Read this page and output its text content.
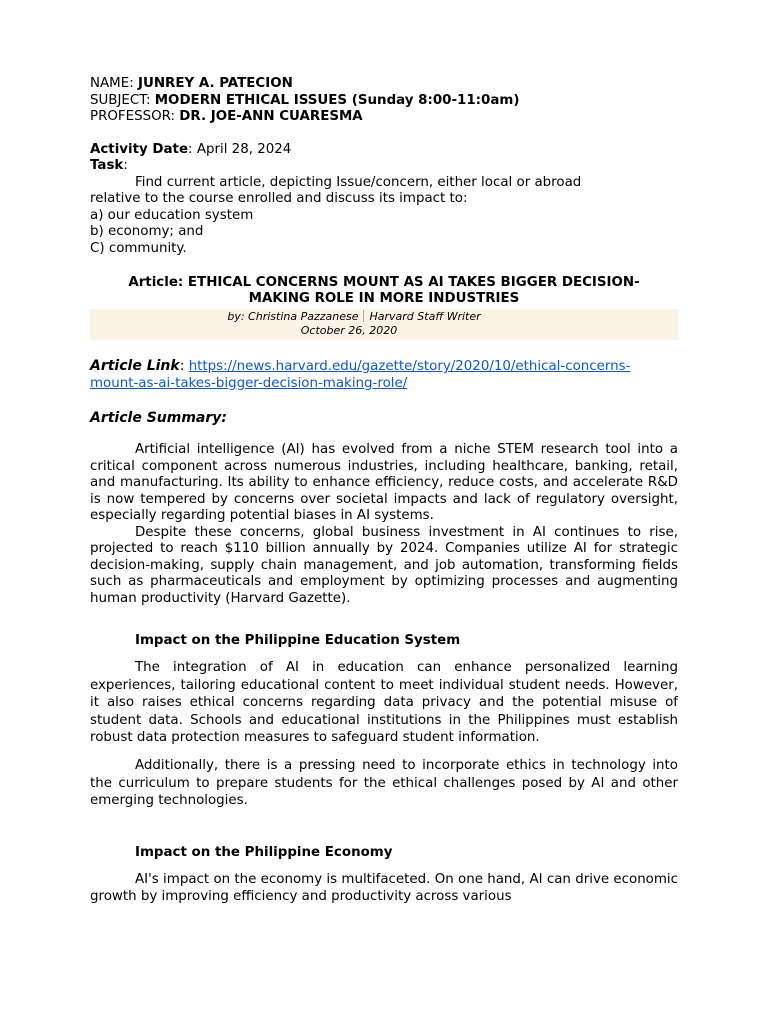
NAME: JUNREY A. PATECION
SUBJECT: MODERN ETHICAL ISSUES (Sunday 8:00-11:0am)
PROFESSOR: DR. JOE-ANN CUARESMA
Activity Date: April 28, 2024
Task:
Find current article, depicting Issue/concern, either local or abroad
relative to the course enrolled and discuss its impact to:
a) our education system
b) economy; and
C) community.
Article: ETHICAL CONCERNS MOUNT AS AI TAKES BIGGER DECISION-
MAKING ROLE IN MORE INDUSTRIES
by: Christina Pazzanese Harvard Staff Writer
October 26, 2020
Article Link: https://news.harvard.edu/gazette/story/2020/10/ethical-concerns-
mount-as-ai-takes-bigger-decision-making-role/
Article Summary:
Artificial intelligence (AI) has evolved from a niche STEM research tool into a critical component across numerous industries, including healthcare, banking, retail, and manufacturing. Its ability to enhance efficiency, reduce costs, and accelerate R&D is now tempered by concerns over societal impacts and lack of regulatory oversight, especially regarding potential biases in AI systems.
Despite these concerns, global business investment in AI continues to rise, projected to reach $110 billion annually by 2024. Companies utilize AI for strategic decision-making, supply chain management, and job automation, transforming fields such as pharmaceuticals and employment by optimizing processes and augmenting human productivity (Harvard Gazette).
Impact on the Philippine Education System
The integration of AI in education can enhance personalized learning experiences, tailoring educational content to meet individual student needs. However, it also raises ethical concerns regarding data privacy and the potential misuse of student data. Schools and educational institutions in the Philippines must establish robust data protection measures to safeguard student information.
Additionally, there is a pressing need to incorporate ethics in technology into the curriculum to prepare students for the ethical challenges posed by AI and other emerging technologies.
Impact on the Philippine Economy
AI's impact on the economy is multifaceted. On one hand, AI can drive economic growth by improving efficiency and productivity across various
